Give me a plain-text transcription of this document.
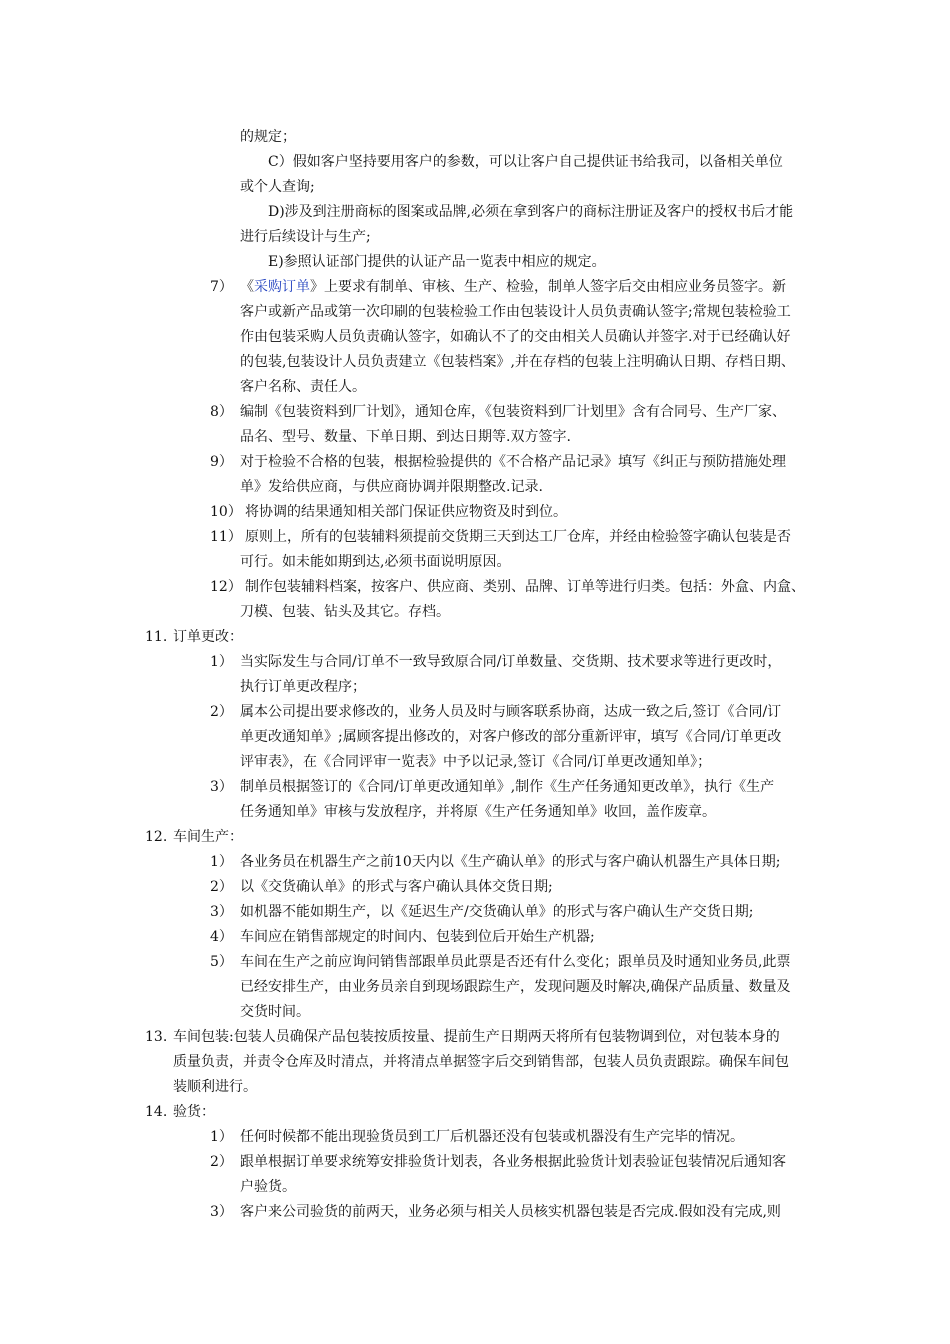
的规定；
C）假如客户坚持要用客户的参数，可以让客户自己提供证书给我司，以备相关单位
或个人查询;
D)涉及到注册商标的图案或品牌,必须在拿到客户的商标注册证及客户的授权书后才能
进行后续设计与生产;
E)参照认证部门提供的认证产品一览表中相应的规定。
7） 《采购订单》上要求有制单、审核、生产、检验，制单人签字后交由相应业务员签字。新
客户或新产品或第一次印刷的包装检验工作由包装设计人员负责确认签字;常规包装检验工
作由包装采购人员负责确认签字，如确认不了的交由相关人员确认并签字.对于已经确认好
的包装,包装设计人员负责建立《包装档案》,并在存档的包装上注明确认日期、存档日期、
客户名称、责任人。
8） 编制《包装资料到厂计划》，通知仓库，《包装资料到厂计划里》含有合同号、生产厂家、
品名、型号、数量、下单日期、到达日期等.双方签字.
9） 对于检验不合格的包装，根据检验提供的《不合格产品记录》填写《纠正与预防措施处理
单》发给供应商，与供应商协调并限期整改.记录.
10） 将协调的结果通知相关部门保证供应物资及时到位。
11） 原则上，所有的包装辅料须提前交货期三天到达工厂仓库，并经由检验签字确认包装是否
可行。如未能如期到达,必须书面说明原因。
12） 制作包装辅料档案，按客户、供应商、类别、品牌、订单等进行归类。包括：外盒、内盒、
刀模、包装、钻头及其它。存档。
11. 订单更改：
1） 当实际发生与合同/订单不一致导致原合同/订单数量、交货期、技术要求等进行更改时，
执行订单更改程序；
2） 属本公司提出要求修改的，业务人员及时与顾客联系协商，达成一致之后,签订《合同/订
单更改通知单》;属顾客提出修改的，对客户修改的部分重新评审，填写《合同/订单更改
评审表》，在《合同评审一览表》中予以记录,签订《合同/订单更改通知单》；
3） 制单员根据签订的《合同/订单更改通知单》,制作《生产任务通知更改单》，执行《生产
任务通知单》审核与发放程序，并将原《生产任务通知单》收回，盖作废章。
12. 车间生产：
1） 各业务员在机器生产之前10天内以《生产确认单》的形式与客户确认机器生产具体日期;
2） 以《交货确认单》的形式与客户确认具体交货日期;
3） 如机器不能如期生产，以《延迟生产/交货确认单》的形式与客户确认生产交货日期;
4） 车间应在销售部规定的时间内、包装到位后开始生产机器;
5） 车间在生产之前应询问销售部跟单员此票是否还有什么变化；跟单员及时通知业务员,此票
已经安排生产，由业务员亲自到现场跟踪生产，发现问题及时解决,确保产品质量、数量及
交货时间。
13. 车间包装:包装人员确保产品包装按质按量、提前生产日期两天将所有包装物调到位，对包装本身的
质量负责，并责令仓库及时清点，并将清点单据签字后交到销售部，包装人员负责跟踪。确保车间包
装顺利进行。
14. 验货：
1） 任何时候都不能出现验货员到工厂后机器还没有包装或机器没有生产完毕的情况。
2） 跟单根据订单要求统筹安排验货计划表，各业务根据此验货计划表验证包装情况后通知客
户验货。
3） 客户来公司验货的前两天，业务必须与相关人员核实机器包装是否完成.假如没有完成,则
